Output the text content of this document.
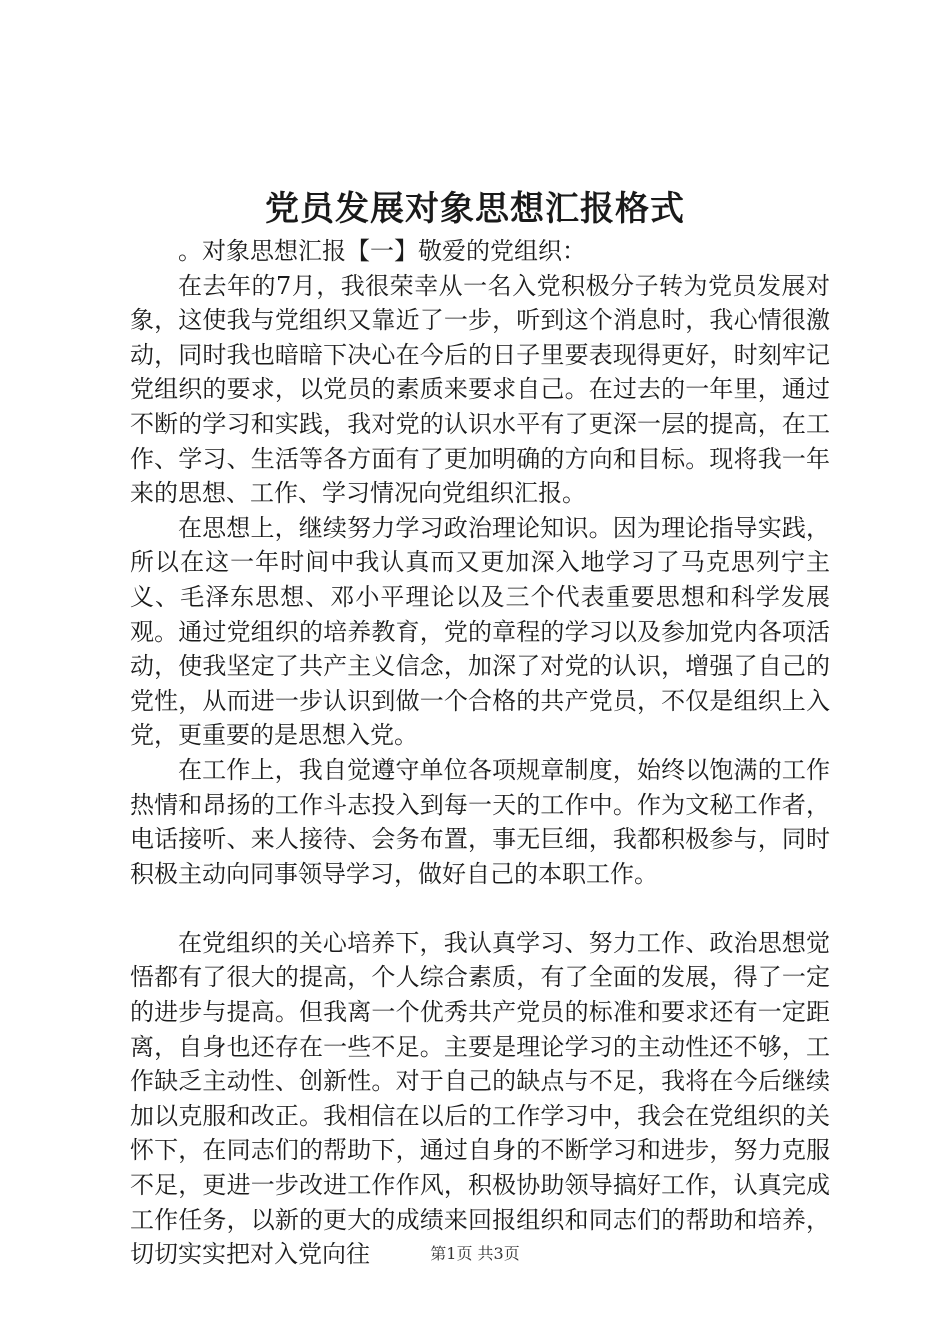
党员发展对象思想汇报格式

。对象思想汇报【一】敬爱的党组织：

在去年的7月，我很荣幸从一名入党积极分子转为党员发展对象，这使我与党组织又靠近了一步，听到这个消息时，我心情很激动，同时我也暗暗下决心在今后的日子里要表现得更好，时刻牢记党组织的要求，以党员的素质来要求自己。在过去的一年里，通过不断的学习和实践，我对党的认识水平有了更深一层的提高，在工作、学习、生活等各方面有了更加明确的方向和目标。现将我一年来的思想、工作、学习情况向党组织汇报。

在思想上，继续努力学习政治理论知识。因为理论指导实践，所以在这一年时间中我认真而又更加深入地学习了马克思列宁主义、毛泽东思想、邓小平理论以及三个代表重要思想和科学发展观。通过党组织的培养教育，党的章程的学习以及参加党内各项活动，使我坚定了共产主义信念，加深了对党的认识，增强了自己的党性，从而进一步认识到做一个合格的共产党员，不仅是组织上入党，更重要的是思想入党。

在工作上，我自觉遵守单位各项规章制度，始终以饱满的工作热情和昂扬的工作斗志投入到每一天的工作中。作为文秘工作者，电话接听、来人接待、会务布置，事无巨细，我都积极参与，同时积极主动向同事领导学习，做好自己的本职工作。

在党组织的关心培养下，我认真学习、努力工作、政治思想觉悟都有了很大的提高，个人综合素质，有了全面的发展，得了一定的进步与提高。但我离一个优秀共产党员的标准和要求还有一定距离，自身也还存在一些不足。主要是理论学习的主动性还不够，工作缺乏主动性、创新性。对于自己的缺点与不足，我将在今后继续加以克服和改正。我相信在以后的工作学习中，我会在党组织的关怀下，在同志们的帮助下，通过自身的不断学习和进步，努力克服不足，更进一步改进工作作风，积极协助领导搞好工作，认真完成工作任务，以新的更大的成绩来回报组织和同志们的帮助和培养，切切实实把对入党向往	第1页 共3页
